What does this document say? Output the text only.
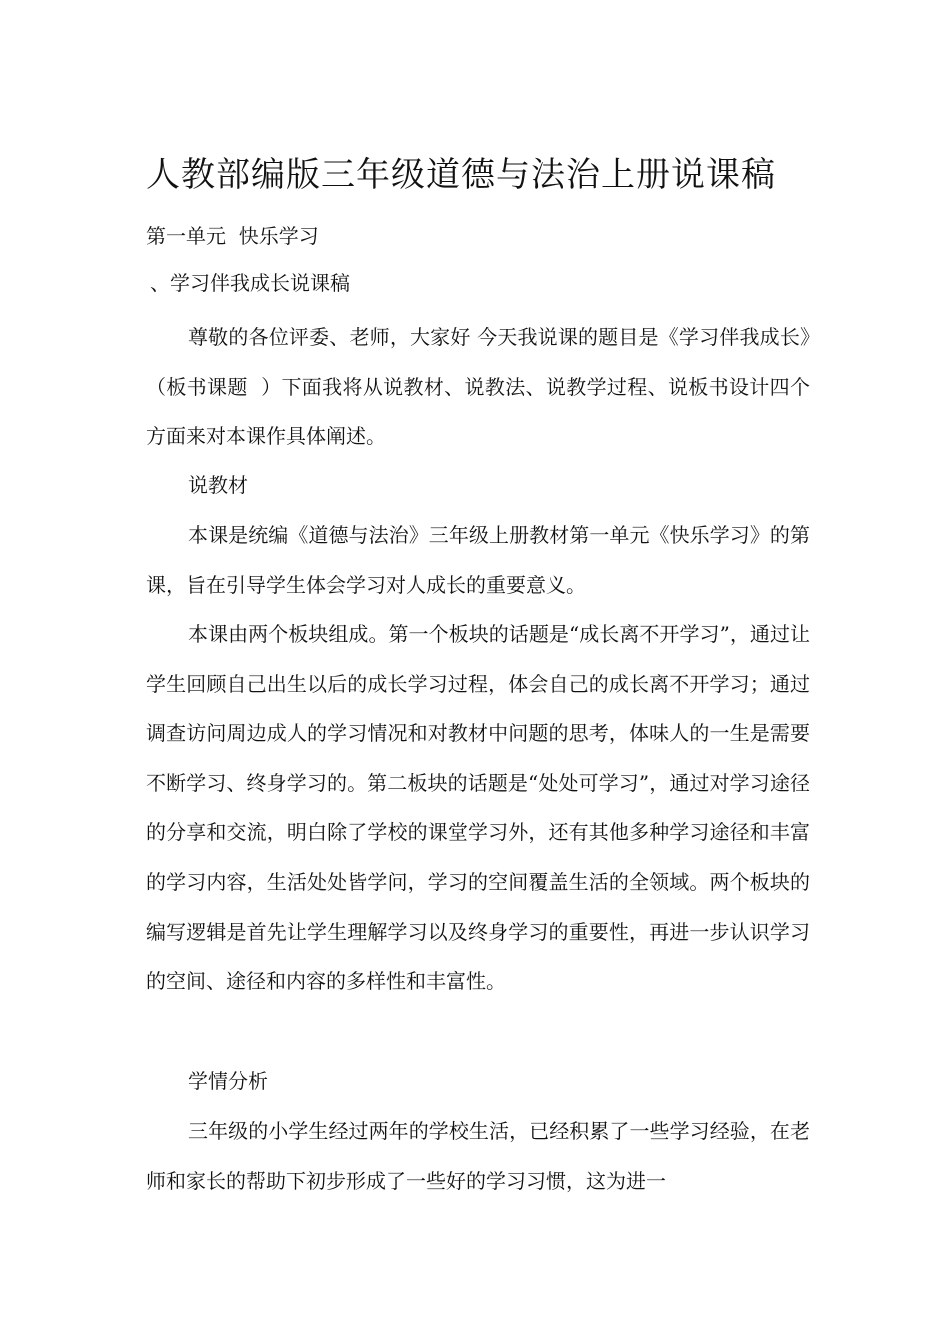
人教部编版三年级道德与法治上册说课稿
第一单元  快乐学习
、学习伴我成长说课稿
尊敬的各位评委、老师，大家好 今天我说课的题目是《学习伴我成长》（板书课题  ）下面我将从说教材、说教法、说教学过程、说板书设计四个方面来对本课作具体阐述。
说教材
本课是统编《道德与法治》三年级上册教材第一单元《快乐学习》的第    课，旨在引导学生体会学习对人成长的重要意义。
本课由两个板块组成。第一个板块的话题是“成长离不开学习”，通过让学生回顾自己出生以后的成长学习过程，体会自己的成长离不开学习；通过调查访问周边成人的学习情况和对教材中问题的思考，体味人的一生是需要不断学习、终身学习的。第二板块的话题是“处处可学习”，通过对学习途径的分享和交流，明白除了学校的课堂学习外，还有其他多种学习途径和丰富的学习内容，生活处处皆学问，学习的空间覆盖生活的全领域。两个板块的编写逻辑是首先让学生理解学习以及终身学习的重要性，再进一步认识学习的空间、途径和内容的多样性和丰富性。
学情分析
三年级的小学生经过两年的学校生活，已经积累了一些学习经验，在老师和家长的帮助下初步形成了一些好的学习习惯，这为进一
